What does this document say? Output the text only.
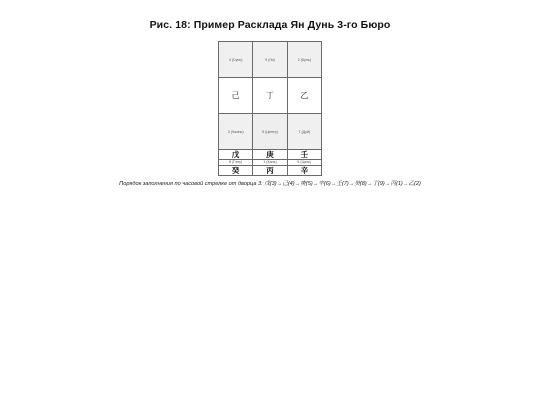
Рис. 18: Пример Расклада Ян Дунь 3-го Бюро
4 (Сунь)	9 (Ли)	2 (Кунь)
己	丁	乙
3 (Чжэнь)	5 (Центр)	7 (Дуй)
戊	庚	壬
8 (Гэнь)	1 (Кань)	6 (Цянь)
癸	丙	辛
Порядок заполнения по часовой стрелке от дворца 3: 戊(3)→己(4)→庚(5)→辛(6)→壬(7)→癸(8)→丁(9)→丙(1)→乙(2)
